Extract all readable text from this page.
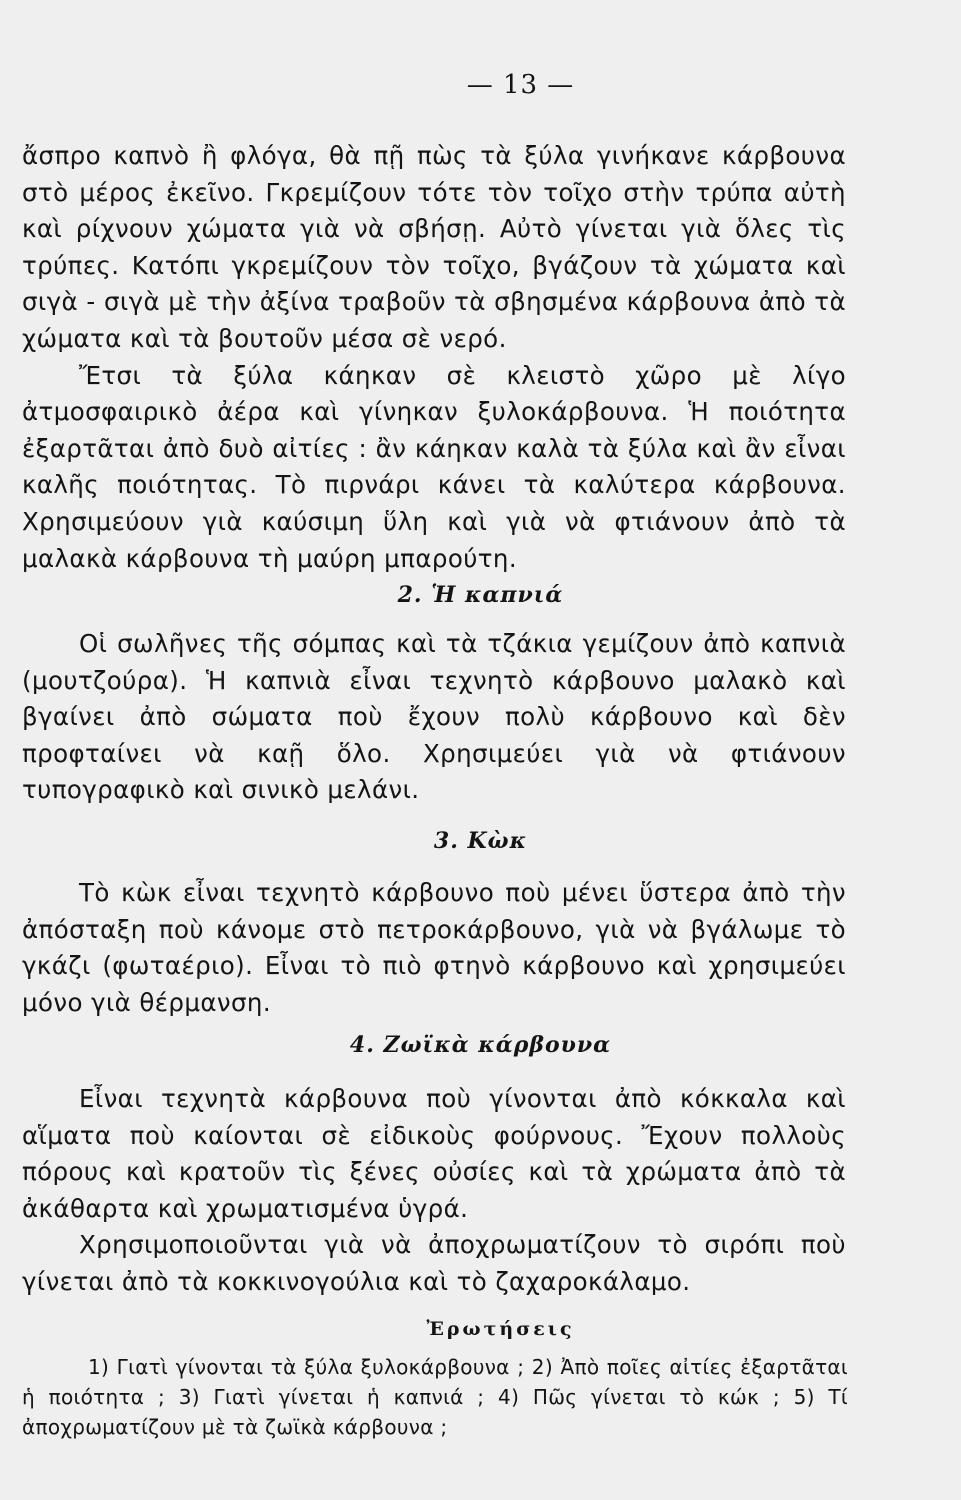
— 13 —

ἄσπρο καπνὸ ἢ φλόγα, θὰ πῇ πὼς τὰ ξύλα γινήκανε κάρβουνα στὸ μέρος ἐκεῖνο. Γκρεμίζουν τότε τὸν τοῖχο στὴν τρύπα αὐτὴ καὶ ρίχνουν χώματα γιὰ νὰ σβήσῃ. Αὐτὸ γίνεται γιὰ ὅλες τὶς τρύπες. Κατόπι γκρεμίζουν τὸν τοῖχο, βγάζουν τὰ χώματα καὶ σιγὰ - σιγὰ μὲ τὴν ἀξίνα τραβοῦν τὰ σβησμένα κάρβουνα ἀπὸ τὰ χώματα καὶ τὰ βουτοῦν μέσα σὲ νερό.

Ἔτσι τὰ ξύλα κάηκαν σὲ κλειστὸ χῶρο μὲ λίγο ἀτμοσφαιρικὸ ἀέρα καὶ γίνηκαν ξυλοκάρβουνα. Ἡ ποιότητα ἐξαρτᾶται ἀπὸ δυὸ αἰτίες : ἂν κάηκαν καλὰ τὰ ξύλα καὶ ἂν εἶναι καλῆς ποιότητας. Τὸ πιρνάρι κάνει τὰ καλύτερα κάρβουνα. Χρησιμεύουν γιὰ καύσιμη ὕλη καὶ γιὰ νὰ φτιάνουν ἀπὸ τὰ μαλακὰ κάρβουνα τὴ μαύρη μπαρούτη.

2. Ἡ καπνιά

Οἱ σωλῆνες τῆς σόμπας καὶ τὰ τζάκια γεμίζουν ἀπὸ καπνιὰ (μουτζούρα). Ἡ καπνιὰ εἶναι τεχνητὸ κάρβουνο μαλακὸ καὶ βγαίνει ἀπὸ σώματα ποὺ ἔχουν πολὺ κάρβουνο καὶ δὲν προφταίνει νὰ καῇ ὅλο. Χρησιμεύει γιὰ νὰ φτιάνουν τυπογραφικὸ καὶ σινικὸ μελάνι.

3. Κὼκ

Τὸ κὼκ εἶναι τεχνητὸ κάρβουνο ποὺ μένει ὕστερα ἀπὸ τὴν ἀπόσταξη ποὺ κάνομε στὸ πετροκάρβουνο, γιὰ νὰ βγάλωμε τὸ γκάζι (φωταέριο). Εἶναι τὸ πιὸ φτηνὸ κάρβουνο καὶ χρησιμεύει μόνο γιὰ θέρμανση.

4. Ζωϊκὰ κάρβουνα

Εἶναι τεχνητὰ κάρβουνα ποὺ γίνονται ἀπὸ κόκκαλα καὶ αἵματα ποὺ καίονται σὲ εἰδικοὺς φούρνους. Ἔχουν πολλοὺς πόρους καὶ κρατοῦν τὶς ξένες οὐσίες καὶ τὰ χρώματα ἀπὸ τὰ ἀκάθαρτα καὶ χρωματισμένα ὑγρά.

Χρησιμοποιοῦνται γιὰ νὰ ἀποχρωματίζουν τὸ σιρόπι ποὺ γίνεται ἀπὸ τὰ κοκκινογούλια καὶ τὸ ζαχαροκάλαμο.

Ἐρωτήσεις
1) Γιατὶ γίνονται τὰ ξύλα ξυλοκάρβουνα ; 2) Ἀπὸ ποῖες αἰτίες ἐξαρτᾶται ἡ ποιότητα ; 3) Γιατὶ γίνεται ἡ καπνιά ; 4) Πῶς γίνεται τὸ κώκ ; 5) Τί ἀποχρωματίζουν μὲ τὰ ζωϊκὰ κάρβουνα ;
